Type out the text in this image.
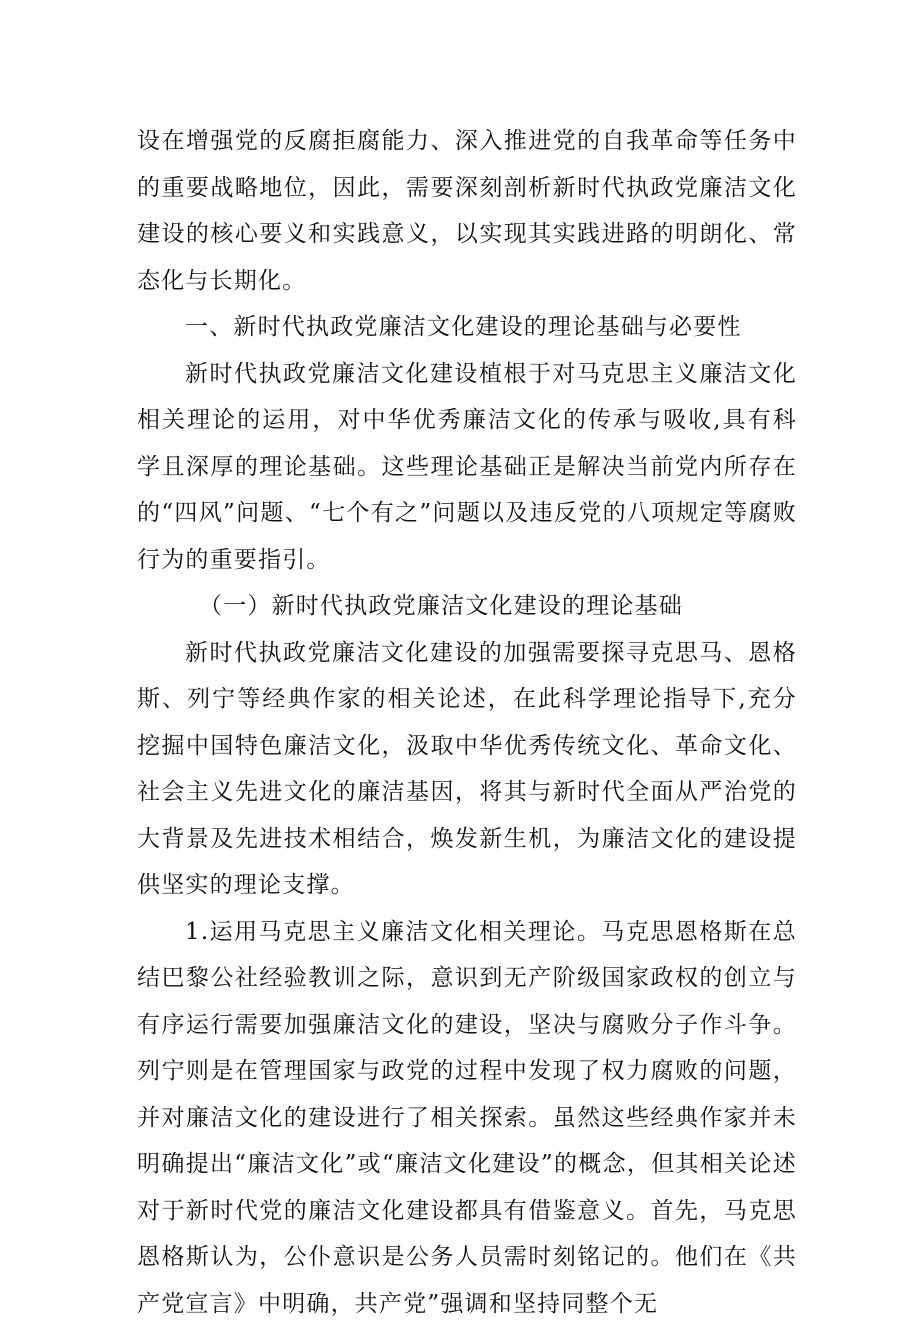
设在增强党的反腐拒腐能力、深入推进党的自我革命等任务中的重要战略地位，因此，需要深刻剖析新时代执政党廉洁文化建设的核心要义和实践意义，以实现其实践进路的明朗化、常态化与长期化。

一、新时代执政党廉洁文化建设的理论基础与必要性

新时代执政党廉洁文化建设植根于对马克思主义廉洁文化相关理论的运用，对中华优秀廉洁文化的传承与吸收,具有科学且深厚的理论基础。这些理论基础正是解决当前党内所存在的“四风”问题、“七个有之”问题以及违反党的八项规定等腐败行为的重要指引。

（一）新时代执政党廉洁文化建设的理论基础

新时代执政党廉洁文化建设的加强需要探寻克思马、恩格斯、列宁等经典作家的相关论述，在此科学理论指导下,充分挖掘中国特色廉洁文化，汲取中华优秀传统文化、革命文化、社会主义先进文化的廉洁基因，将其与新时代全面从严治党的大背景及先进技术相结合，焕发新生机，为廉洁文化的建设提供坚实的理论支撑。

1.运用马克思主义廉洁文化相关理论。马克思恩格斯在总结巴黎公社经验教训之际，意识到无产阶级国家政权的创立与有序运行需要加强廉洁文化的建设，坚决与腐败分子作斗争。列宁则是在管理国家与政党的过程中发现了权力腐败的问题，并对廉洁文化的建设进行了相关探索。虽然这些经典作家并未明确提出“廉洁文化”或“廉洁文化建设”的概念，但其相关论述对于新时代党的廉洁文化建设都具有借鉴意义。首先，马克思恩格斯认为，公仆意识是公务人员需时刻铭记的。他们在《共产党宣言》中明确，共产党”强调和坚持同整个无
